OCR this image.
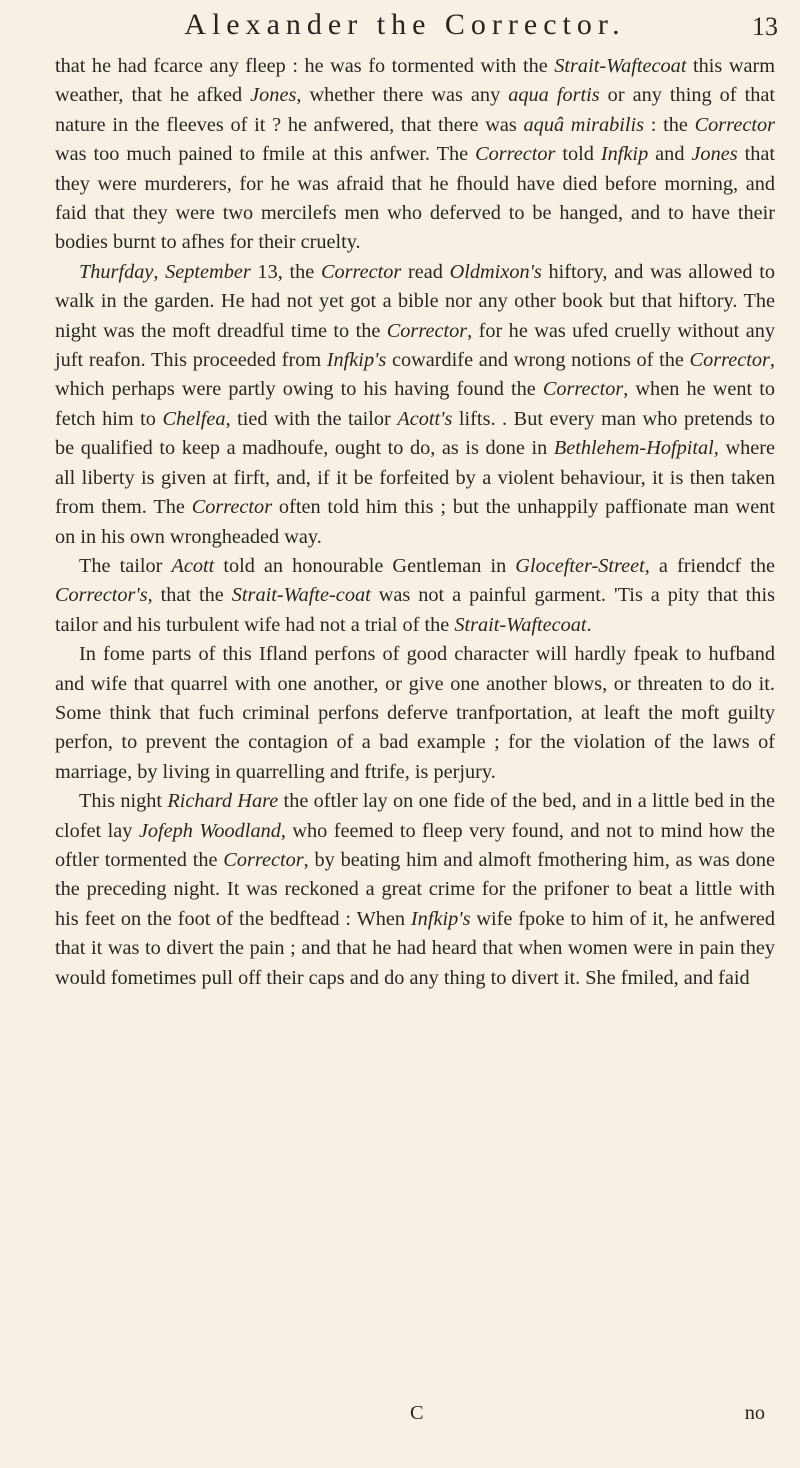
Alexander the Corrector.	13

that he had fcarce any fleep : he was fo tormented with the Strait-Waftecoat this warm weather, that he afked Jones, whether there was any aqua fortis or any thing of that nature in the fleeves of it ? he anfwered, that there was aquâ mirabilis : the Corrector was too much pained to fmile at this anfwer. The Corrector told Infkip and Jones that they were murderers, for he was afraid that he fhould have died before morning, and faid that they were two mercilefs men who deferved to be hanged, and to have their bodies burnt to afhes for their cruelty.

Thurfday, September 13, the Corrector read Oldmixon's hiftory, and was allowed to walk in the garden. He had not yet got a bible nor any other book but that hiftory. The night was the moft dreadful time to the Corrector, for he was ufed cruelly without any juft reafon. This proceeded from Infkip's cowardife and wrong notions of the Corrector, which perhaps were partly owing to his having found the Corrector, when he went to fetch him to Chelfea, tied with the tailor Acott's lifts. . But every man who pretends to be qualified to keep a madhoufe, ought to do, as is done in Bethlehem-Hofpital, where all liberty is given at firft, and, if it be forfeited by a violent behaviour, it is then taken from them. The Corrector often told him this ; but the unhappily paffionate man went on in his own wrongheaded way.

The tailor Acott told an honourable Gentleman in Glocefter-Street, a friendcf the Corrector's, that the Strait-Wafte-coat was not a painful garment. 'Tis a pity that this tailor and his turbulent wife had not a trial of the Strait-Waftecoat.

In fome parts of this Ifland perfons of good character will hardly fpeak to hufband and wife that quarrel with one another, or give one another blows, or threaten to do it. Some think that fuch criminal perfons deferve tranfportation, at leaft the moft guilty perfon, to prevent the contagion of a bad example ; for the violation of the laws of marriage, by living in quarrelling and ftrife, is perjury.

This night Richard Hare the oftler lay on one fide of the bed, and in a little bed in the clofet lay Jofeph Woodland, who feemed to fleep very found, and not to mind how the oftler tormented the Corrector, by beating him and almoft fmothering him, as was done the preceding night. It was reckoned a great crime for the prifoner to beat a little with his feet on the foot of the bedftead : When Infkip's wife fpoke to him of it, he anfwered that it was to divert the pain ; and that he had heard that when women were in pain they would fometimes pull off their caps and do any thing to divert it. She fmiled, and faid

C	no
